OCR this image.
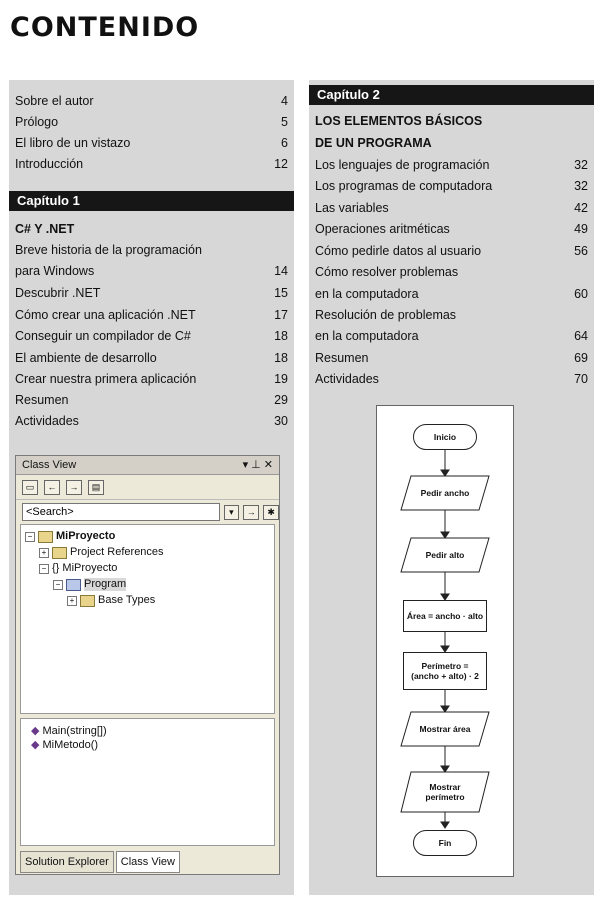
CONTENIDO
Sobre el autor	4
Prólogo	5
El libro de un vistazo	6
Introducción	12
Capítulo 1
C# Y .NET
Breve historia de la programación
para Windows	14
Descubrir .NET	15
Cómo crear una aplicación .NET	17
Conseguir un compilador de C#	18
El ambiente de desarrollo	18
Crear nuestra primera aplicación	19
Resumen	29
Actividades	30
Class View	▾ ⊥ ✕
▭	←	→	▤
<Search>
▾	→	✱
− MiProyecto
+ Project References
− {} MiProyecto
− Program
+ Base Types
◆ Main(string[])
◆ MiMetodo()
Solution Explorer	Class View
Capítulo 2
LOS ELEMENTOS BÁSICOS
DE UN PROGRAMA
Los lenguajes de programación	32
Los programas de computadora	32
Las variables	42
Operaciones aritméticas	49
Cómo pedirle datos al usuario	56
Cómo resolver problemas
en la computadora	60
Resolución de problemas
en la computadora	64
Resumen	69
Actividades	70
Inicio
Pedir ancho
Pedir alto
Área = ancho · alto
Perímetro =
(ancho + alto) · 2
Mostrar área
Mostrar
perímetro
Fin
